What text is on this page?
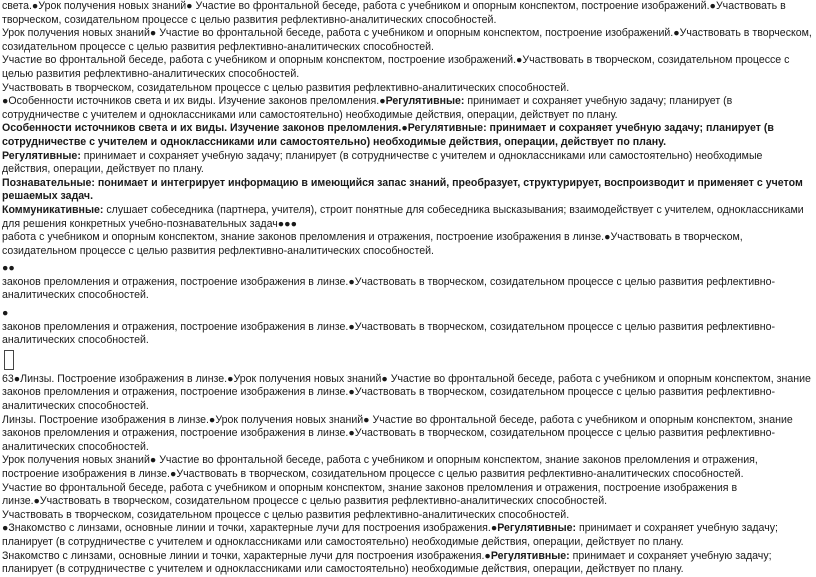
света.●Урок получения новых знаний● Участие во фронтальной беседе, работа с учебником и опорным конспектом, построение изображений.●Участвовать в творческом, созидательном процессе с целью развития рефлективно-аналитических способностей.

Урок получения новых знаний● Участие во фронтальной беседе, работа с учебником и опорным конспектом, построение изображений.●Участвовать в творческом, созидательном процессе с целью развития рефлективно-аналитических способностей.

Участие во фронтальной беседе, работа с учебником и опорным конспектом, построение изображений.●Участвовать в творческом, созидательном процессе с целью развития рефлективно-аналитических способностей.

Участвовать в творческом, созидательном процессе с целью развития рефлективно-аналитических способностей.

●Особенности источников света и их виды. Изучение законов преломления.●Регулятивные: принимает и сохраняет учебную задачу; планирует (в сотрудничестве с учителем и одноклассниками или самостоятельно) необходимые действия, операции, действует по плану.

Особенности источников света и их виды. Изучение законов преломления.●Регулятивные: принимает и сохраняет учебную задачу; планирует (в сотрудничестве с учителем и одноклассниками или самостоятельно) необходимые действия, операции, действует по плану.

Регулятивные: принимает и сохраняет учебную задачу; планирует (в сотрудничестве с учителем и одноклассниками или самостоятельно) необходимые действия, операции, действует по плану.

Познавательные: понимает и интегрирует информацию в имеющийся запас знаний, преобразует, структурирует, воспроизводит и применяет с учетом решаемых задач.

Коммуникативные: слушает собеседника (партнера, учителя), строит понятные для собеседника высказывания; взаимодействует с учителем, одноклассниками для решения конкретных учебно-познавательных задач●●●

работа с учебником и опорным конспектом, знание законов преломления и отражения, построение изображения в линзе.●Участвовать в творческом, созидательном процессе с целью развития рефлективно-аналитических способностей.

●●

законов преломления и отражения, построение изображения в линзе.●Участвовать в творческом, созидательном процессе с целью развития рефлективно-аналитических способностей.

●

законов преломления и отражения, построение изображения в линзе.●Участвовать в творческом, созидательном процессе с целью развития рефлективно-аналитических способностей.

63●Линзы. Построение изображения в линзе.●Урок получения новых знаний● Участие во фронтальной беседе, работа с учебником и опорным конспектом, знание законов преломления и отражения, построение изображения в линзе.●Участвовать в творческом, созидательном процессе с целью развития рефлективно-аналитических способностей.

Линзы. Построение изображения в линзе.●Урок получения новых знаний● Участие во фронтальной беседе, работа с учебником и опорным конспектом, знание законов преломления и отражения, построение изображения в линзе.●Участвовать в творческом, созидательном процессе с целью развития рефлективно-аналитических способностей.

Урок получения новых знаний● Участие во фронтальной беседе, работа с учебником и опорным конспектом, знание законов преломления и отражения, построение изображения в линзе.●Участвовать в творческом, созидательном процессе с целью развития рефлективно-аналитических способностей.

Участие во фронтальной беседе, работа с учебником и опорным конспектом, знание законов преломления и отражения, построение изображения в линзе.●Участвовать в творческом, созидательном процессе с целью развития рефлективно-аналитических способностей.

Участвовать в творческом, созидательном процессе с целью развития рефлективно-аналитических способностей.

●Знакомство с линзами, основные линии и точки, характерные лучи для построения изображения.●Регулятивные: принимает и сохраняет учебную задачу; планирует (в сотрудничестве с учителем и одноклассниками или самостоятельно) необходимые действия, операции, действует по плану.

Знакомство с линзами, основные линии и точки, характерные лучи для построения изображения.●Регулятивные: принимает и сохраняет учебную задачу; планирует (в сотрудничестве с учителем и одноклассниками или самостоятельно) необходимые действия, операции, действует по плану.
